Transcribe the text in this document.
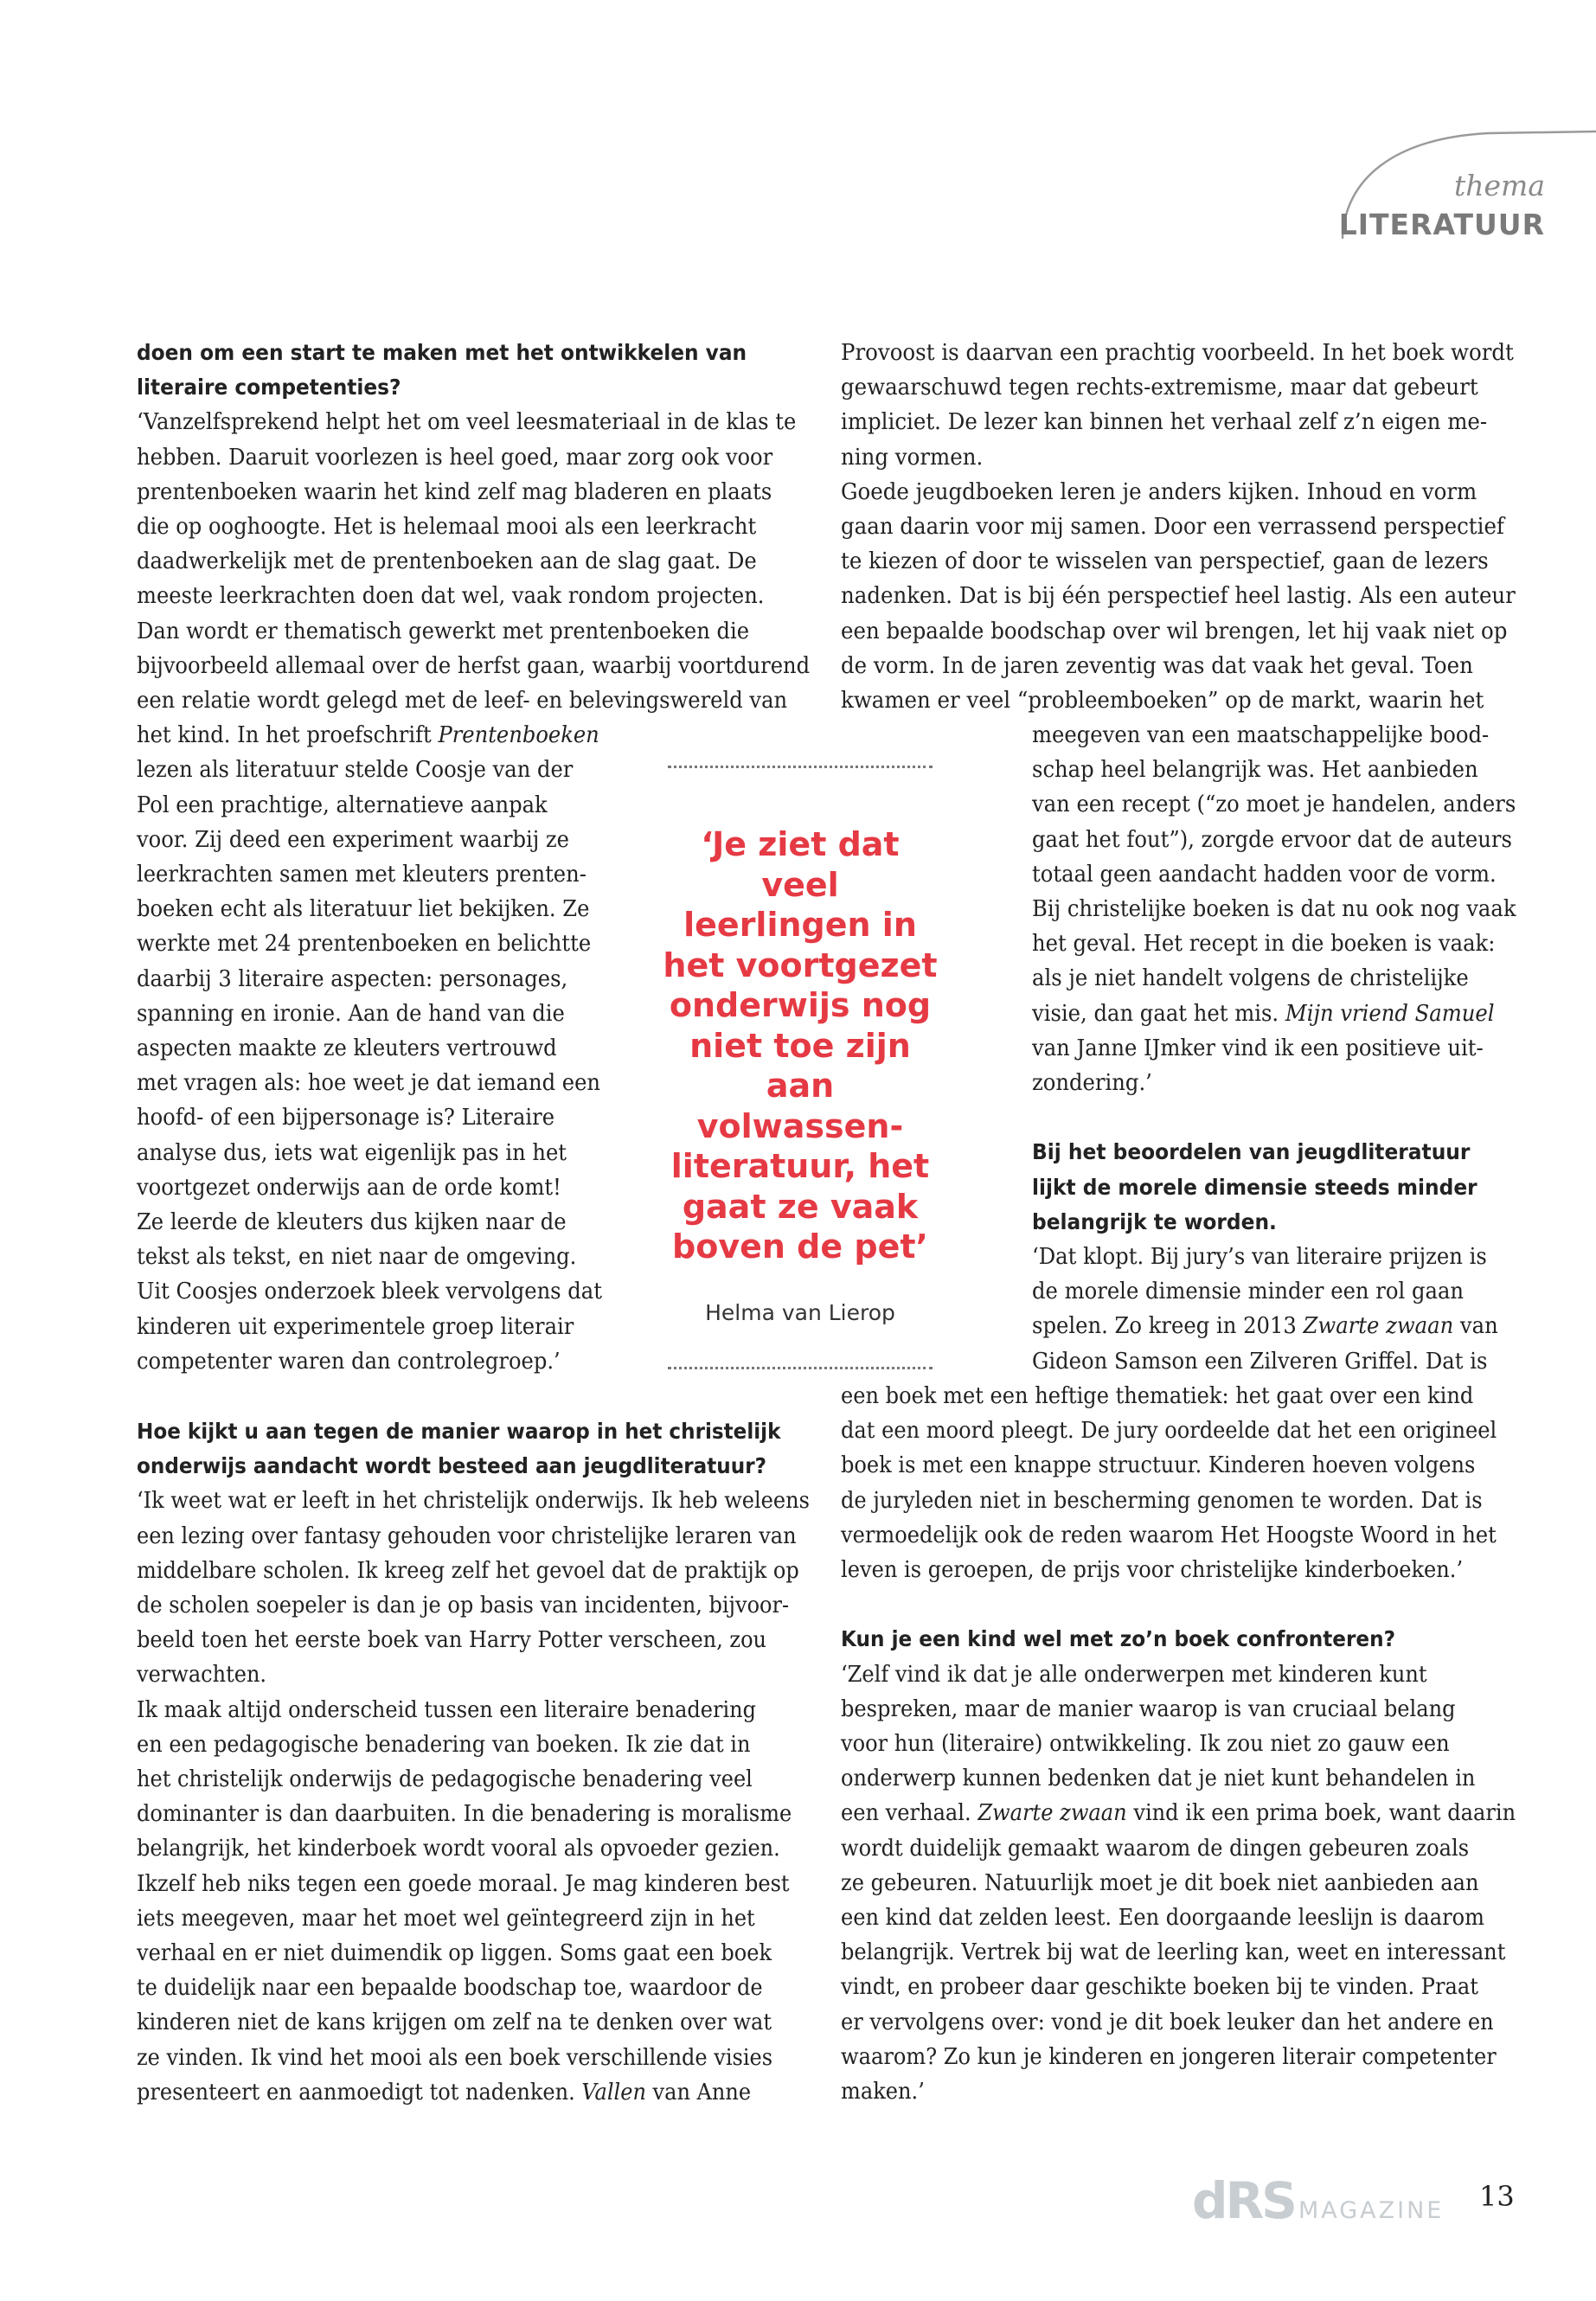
thema
LITERATUUR
doen om een start te maken met het ontwikkelen van
literaire competenties?
‘Vanzelfsprekend helpt het om veel leesmateriaal in de klas te
hebben. Daaruit voorlezen is heel goed, maar zorg ook voor
prentenboeken waarin het kind zelf mag bladeren en plaats
die op ooghoogte. Het is helemaal mooi als een leerkracht
daadwerkelijk met de prentenboeken aan de slag gaat. De
meeste leerkrachten doen dat wel, vaak rondom projecten.
Dan wordt er thematisch gewerkt met prentenboeken die
bijvoorbeeld allemaal over de herfst gaan, waarbij voortdurend
een relatie wordt gelegd met de leef- en belevingswereld van
het kind. In het proefschrift Prentenboeken
lezen als literatuur stelde Coosje van der
Pol een prachtige, alternatieve aanpak
voor. Zij deed een experiment waarbij ze
leerkrachten samen met kleuters prenten-
boeken echt als literatuur liet bekijken. Ze
werkte met 24 prentenboeken en belichtte
daarbij 3 literaire aspecten: personages,
spanning en ironie. Aan de hand van die
aspecten maakte ze kleuters vertrouwd
met vragen als: hoe weet je dat iemand een
hoofd- of een bijpersonage is? Literaire
analyse dus, iets wat eigenlijk pas in het
voortgezet onderwijs aan de orde komt!
Ze leerde de kleuters dus kijken naar de
tekst als tekst, en niet naar de omgeving.
Uit Coosjes onderzoek bleek vervolgens dat
kinderen uit experimentele groep literair
competenter waren dan controlegroep.’
Hoe kijkt u aan tegen de manier waarop in het christelijk
onderwijs aandacht wordt besteed aan jeugdliteratuur?
‘Ik weet wat er leeft in het christelijk onderwijs. Ik heb weleens
een lezing over fantasy gehouden voor christelijke leraren van
middelbare scholen. Ik kreeg zelf het gevoel dat de praktijk op
de scholen soepeler is dan je op basis van incidenten, bijvoor-
beeld toen het eerste boek van Harry Potter verscheen, zou
verwachten.
Ik maak altijd onderscheid tussen een literaire benadering
en een pedagogische benadering van boeken. Ik zie dat in
het christelijk onderwijs de pedagogische benadering veel
dominanter is dan daarbuiten. In die benadering is moralisme
belangrijk, het kinderboek wordt vooral als opvoeder gezien.
Ikzelf heb niks tegen een goede moraal. Je mag kinderen best
iets meegeven, maar het moet wel geïntegreerd zijn in het
verhaal en er niet duimendik op liggen. Soms gaat een boek
te duidelijk naar een bepaalde boodschap toe, waardoor de
kinderen niet de kans krijgen om zelf na te denken over wat
ze vinden. Ik vind het mooi als een boek verschillende visies
presenteert en aanmoedigt tot nadenken. Vallen van Anne
Provoost is daarvan een prachtig voorbeeld. In het boek wordt
gewaarschuwd tegen rechts-extremisme, maar dat gebeurt
impliciet. De lezer kan binnen het verhaal zelf z’n eigen me-
ning vormen.
Goede jeugdboeken leren je anders kijken. Inhoud en vorm
gaan daarin voor mij samen. Door een verrassend perspectief
te kiezen of door te wisselen van perspectief, gaan de lezers
nadenken. Dat is bij één perspectief heel lastig. Als een auteur
een bepaalde boodschap over wil brengen, let hij vaak niet op
de vorm. In de jaren zeventig was dat vaak het geval. Toen
kwamen er veel “probleemboeken” op de markt, waarin het
meegeven van een maatschappelijke bood-
schap heel belangrijk was. Het aanbieden
van een recept (“zo moet je handelen, anders
gaat het fout”), zorgde ervoor dat de auteurs
totaal geen aandacht hadden voor de vorm.
Bij christelijke boeken is dat nu ook nog vaak
het geval. Het recept in die boeken is vaak:
als je niet handelt volgens de christelijke
visie, dan gaat het mis. Mijn vriend Samuel
van Janne IJmker vind ik een positieve uit-
zondering.’
Bij het beoordelen van jeugdliteratuur
lijkt de morele dimensie steeds minder
belangrijk te worden.
‘Dat klopt. Bij jury’s van literaire prijzen is
de morele dimensie minder een rol gaan
spelen. Zo kreeg in 2013 Zwarte zwaan van
Gideon Samson een Zilveren Griffel. Dat is
een boek met een heftige thematiek: het gaat over een kind
dat een moord pleegt. De jury oordeelde dat het een origineel
boek is met een knappe structuur. Kinderen hoeven volgens
de juryleden niet in bescherming genomen te worden. Dat is
vermoedelijk ook de reden waarom Het Hoogste Woord in het
leven is geroepen, de prijs voor christelijke kinderboeken.’
Kun je een kind wel met zo’n boek confronteren?
‘Zelf vind ik dat je alle onderwerpen met kinderen kunt
bespreken, maar de manier waarop is van cruciaal belang
voor hun (literaire) ontwikkeling. Ik zou niet zo gauw een
onderwerp kunnen bedenken dat je niet kunt behandelen in
een verhaal. Zwarte zwaan vind ik een prima boek, want daarin
wordt duidelijk gemaakt waarom de dingen gebeuren zoals
ze gebeuren. Natuurlijk moet je dit boek niet aanbieden aan
een kind dat zelden leest. Een doorgaande leeslijn is daarom
belangrijk. Vertrek bij wat de leerling kan, weet en interessant
vindt, en probeer daar geschikte boeken bij te vinden. Praat
er vervolgens over: vond je dit boek leuker dan het andere en
waarom? Zo kun je kinderen en jongeren literair competenter
maken.’
‘Je ziet dat veel
leerlingen in
het voortgezet
onderwijs nog
niet toe zijn
aan volwassen-
literatuur, het
gaat ze vaak
boven de pet’
Helma van Lierop
dRS MAGAZINE 13
